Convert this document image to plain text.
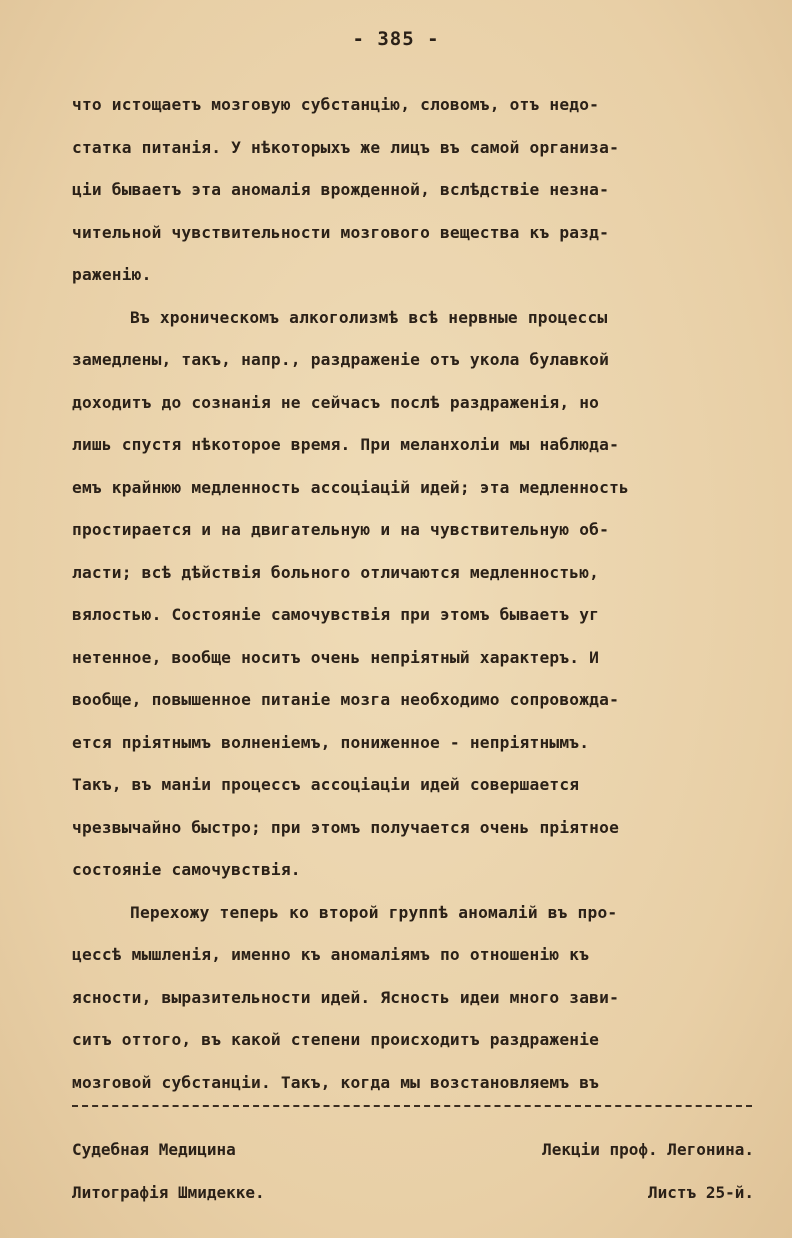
- 385 -
что истощаетъ мозговую субстанцію, словомъ, отъ недо-
статка питанія. У нѣкоторыхъ же лицъ въ самой организа-
ціи бываетъ эта аномалія врожденной, вслѣдствіе незна-
чительной чувствительности мозгового вещества къ разд-
раженію.
Въ хроническомъ алкоголизмѣ всѣ нервные процессы
замедлены, такъ, напр., раздраженіе отъ укола булавкой
доходитъ до сознанія не сейчасъ послѣ раздраженія, но
лишь спустя нѣкоторое время. При меланхоліи мы наблюда-
емъ крайнюю медленность ассоціацій идей; эта медленность
простирается и на двигательную и на чувствительную об-
ласти; всѣ дѣйствія больного отличаются медленностью,
вялостью. Состояніе самочувствія при этомъ бываетъ уг
нетенное, вообще носитъ очень непріятный характеръ. И
вообще, повышенное питаніе мозга необходимо сопровожда-
ется пріятнымъ волненіемъ, пониженное - непріятнымъ.
Такъ, въ маніи процессъ ассоціаціи идей совершается
чрезвычайно быстро; при этомъ получается очень пріятное
состояніе самочувствія.
Перехожу теперь ко второй группѣ аномалій въ про-
цессѣ мышленія, именно къ аномаліямъ по отношенію къ
ясности, выразительности идей. Ясность идеи много зави-
ситъ оттого, въ какой степени происходитъ раздраженіе
мозговой субстанціи. Такъ, когда мы возстановляемъ въ
Судебная Медицина	Лекціи проф. Легонина.
Литографія Шмидекке.	Листъ 25-й.
